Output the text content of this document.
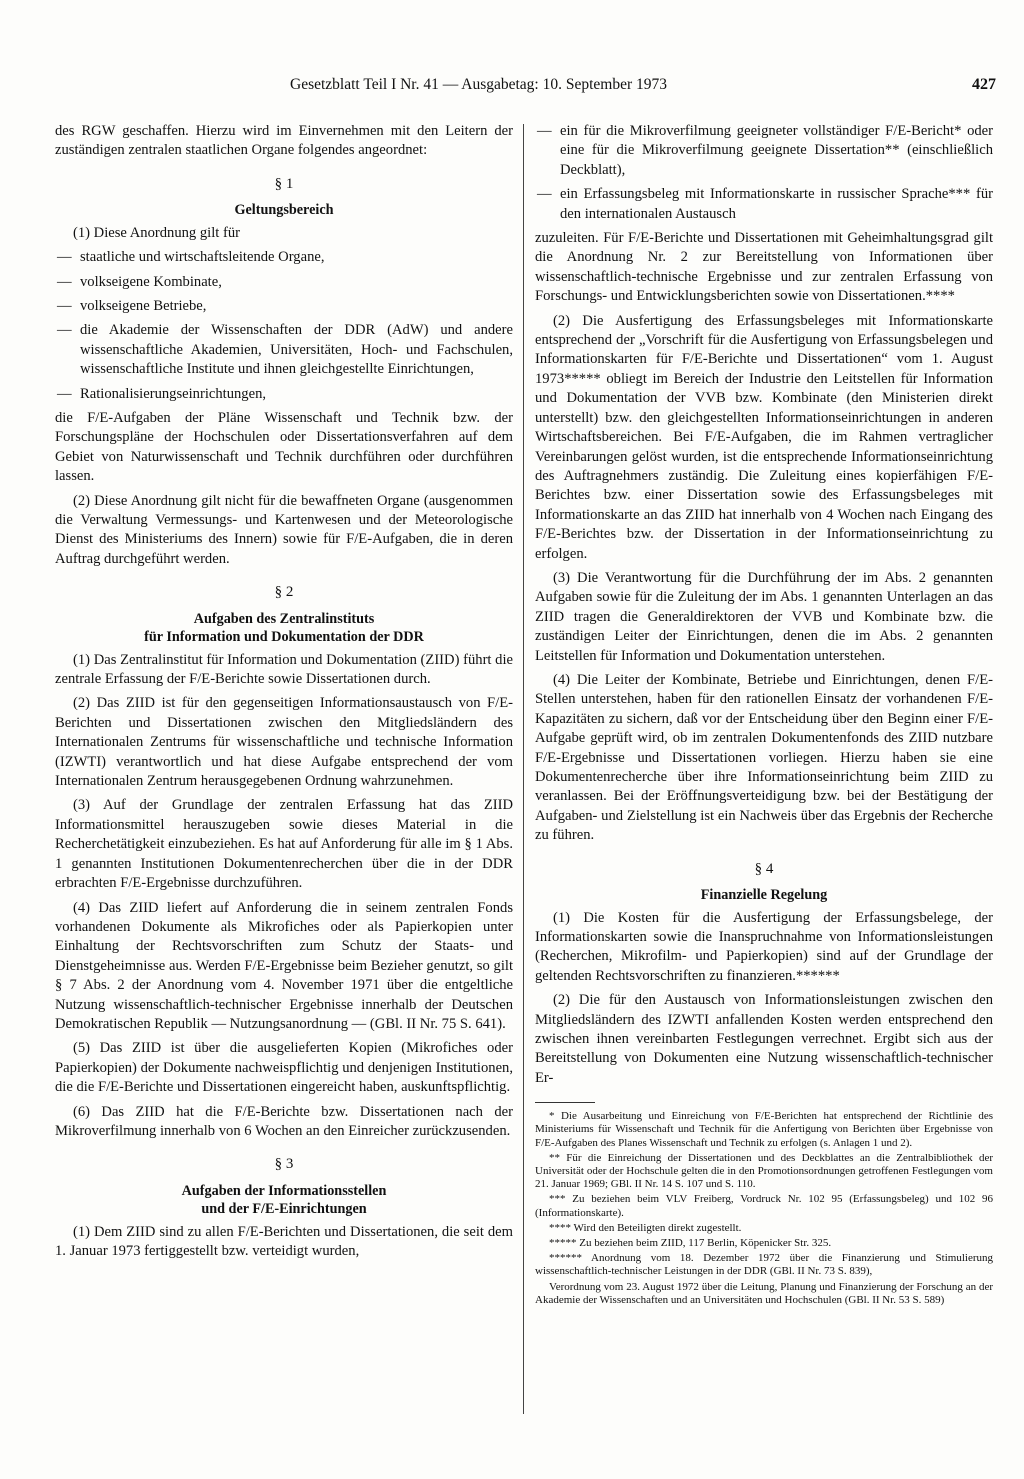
Gesetzblatt Teil I Nr. 41 — Ausgabetag: 10. September 1973	427

des RGW geschaffen. Hierzu wird im Einvernehmen mit den Leitern der zuständigen zentralen staatlichen Organe folgendes angeordnet:

§ 1
Geltungsbereich

(1) Diese Anordnung gilt für

— staatliche und wirtschaftsleitende Organe,
— volkseigene Kombinate,
— volkseigene Betriebe,
— die Akademie der Wissenschaften der DDR (AdW) und andere wissenschaftliche Akademien, Universitäten, Hoch- und Fachschulen, wissenschaftliche Institute und ihnen gleichgestellte Einrichtungen,
— Rationalisierungseinrichtungen,

die F/E-Aufgaben der Pläne Wissenschaft und Technik bzw. der Forschungspläne der Hochschulen oder Dissertationsverfahren auf dem Gebiet von Naturwissenschaft und Technik durchführen oder durchführen lassen.

(2) Diese Anordnung gilt nicht für die bewaffneten Organe (ausgenommen die Verwaltung Vermessungs- und Kartenwesen und der Meteorologische Dienst des Ministeriums des Innern) sowie für F/E-Aufgaben, die in deren Auftrag durchgeführt werden.

§ 2
Aufgaben des Zentralinstituts
für Information und Dokumentation der DDR

(1) Das Zentralinstitut für Information und Dokumentation (ZIID) führt die zentrale Erfassung der F/E-Berichte sowie Dissertationen durch.

(2) Das ZIID ist für den gegenseitigen Informationsaustausch von F/E-Berichten und Dissertationen zwischen den Mitgliedsländern des Internationalen Zentrums für wissenschaftliche und technische Information (IZWTI) verantwortlich und hat diese Aufgabe entsprechend der vom Internationalen Zentrum herausgegebenen Ordnung wahrzunehmen.

(3) Auf der Grundlage der zentralen Erfassung hat das ZIID Informationsmittel herauszugeben sowie dieses Material in die Recherchetätigkeit einzubeziehen. Es hat auf Anforderung für alle im § 1 Abs. 1 genannten Institutionen Dokumentenrecherchen über die in der DDR erbrachten F/E-Ergebnisse durchzuführen.

(4) Das ZIID liefert auf Anforderung die in seinem zentralen Fonds vorhandenen Dokumente als Mikrofiches oder als Papierkopien unter Einhaltung der Rechtsvorschriften zum Schutz der Staats- und Dienstgeheimnisse aus. Werden F/E-Ergebnisse beim Bezieher genutzt, so gilt § 7 Abs. 2 der Anordnung vom 4. November 1971 über die entgeltliche Nutzung wissenschaftlich-technischer Ergebnisse innerhalb der Deutschen Demokratischen Republik — Nutzungsanordnung — (GBl. II Nr. 75 S. 641).

(5) Das ZIID ist über die ausgelieferten Kopien (Mikrofiches oder Papierkopien) der Dokumente nachweispflichtig und denjenigen Institutionen, die die F/E-Berichte und Dissertationen eingereicht haben, auskunftspflichtig.

(6) Das ZIID hat die F/E-Berichte bzw. Dissertationen nach der Mikroverfilmung innerhalb von 6 Wochen an den Einreicher zurückzusenden.

§ 3
Aufgaben der Informationsstellen
und der F/E-Einrichtungen

(1) Dem ZIID sind zu allen F/E-Berichten und Dissertationen, die seit dem 1. Januar 1973 fertiggestellt bzw. verteidigt wurden,

— ein für die Mikroverfilmung geeigneter vollständiger F/E-Bericht* oder eine für die Mikroverfilmung geeignete Dissertation** (einschließlich Deckblatt),
— ein Erfassungsbeleg mit Informationskarte in russischer Sprache*** für den internationalen Austausch

zuzuleiten. Für F/E-Berichte und Dissertationen mit Geheimhaltungsgrad gilt die Anordnung Nr. 2 zur Bereitstellung von Informationen über wissenschaftlich-technische Ergebnisse und zur zentralen Erfassung von Forschungs- und Entwicklungsberichten sowie von Dissertationen.****

(2) Die Ausfertigung des Erfassungsbeleges mit Informationskarte entsprechend der „Vorschrift für die Ausfertigung von Erfassungsbelegen und Informationskarten für F/E-Berichte und Dissertationen“ vom 1. August 1973***** obliegt im Bereich der Industrie den Leitstellen für Information und Dokumentation der VVB bzw. Kombinate (den Ministerien direkt unterstellt) bzw. den gleichgestellten Informationseinrichtungen in anderen Wirtschaftsbereichen. Bei F/E-Aufgaben, die im Rahmen vertraglicher Vereinbarungen gelöst wurden, ist die entsprechende Informationseinrichtung des Auftragnehmers zuständig. Die Zuleitung eines kopierfähigen F/E-Berichtes bzw. einer Dissertation sowie des Erfassungsbeleges mit Informationskarte an das ZIID hat innerhalb von 4 Wochen nach Eingang des F/E-Berichtes bzw. der Dissertation in der Informationseinrichtung zu erfolgen.

(3) Die Verantwortung für die Durchführung der im Abs. 2 genannten Aufgaben sowie für die Zuleitung der im Abs. 1 genannten Unterlagen an das ZIID tragen die Generaldirektoren der VVB und Kombinate bzw. die zuständigen Leiter der Einrichtungen, denen die im Abs. 2 genannten Leitstellen für Information und Dokumentation unterstehen.

(4) Die Leiter der Kombinate, Betriebe und Einrichtungen, denen F/E-Stellen unterstehen, haben für den rationellen Einsatz der vorhandenen F/E-Kapazitäten zu sichern, daß vor der Entscheidung über den Beginn einer F/E-Aufgabe geprüft wird, ob im zentralen Dokumentenfonds des ZIID nutzbare F/E-Ergebnisse und Dissertationen vorliegen. Hierzu haben sie eine Dokumentenrecherche über ihre Informationseinrichtung beim ZIID zu veranlassen. Bei der Eröffnungsverteidigung bzw. bei der Bestätigung der Aufgaben- und Zielstellung ist ein Nachweis über das Ergebnis der Recherche zu führen.

§ 4
Finanzielle Regelung

(1) Die Kosten für die Ausfertigung der Erfassungsbelege, der Informationskarten sowie die Inanspruchnahme von Informationsleistungen (Recherchen, Mikrofilm- und Papierkopien) sind auf der Grundlage der geltenden Rechtsvorschriften zu finanzieren.******

(2) Die für den Austausch von Informationsleistungen zwischen den Mitgliedsländern des IZWTI anfallenden Kosten werden entsprechend den zwischen ihnen vereinbarten Festlegungen verrechnet. Ergibt sich aus der Bereitstellung von Dokumenten eine Nutzung wissenschaftlich-technischer Er-

* Die Ausarbeitung und Einreichung von F/E-Berichten hat entsprechend der Richtlinie des Ministeriums für Wissenschaft und Technik für die Anfertigung von Berichten über Ergebnisse von F/E-Aufgaben des Planes Wissenschaft und Technik zu erfolgen (s. Anlagen 1 und 2).

** Für die Einreichung der Dissertationen und des Deckblattes an die Zentralbibliothek der Universität oder der Hochschule gelten die in den Promotionsordnungen getroffenen Festlegungen vom 21. Januar 1969; GBl. II Nr. 14 S. 107 und S. 110.

*** Zu beziehen beim VLV Freiberg, Vordruck Nr. 102 95 (Erfassungsbeleg) und 102 96 (Informationskarte).

**** Wird den Beteiligten direkt zugestellt.

***** Zu beziehen beim ZIID, 117 Berlin, Köpenicker Str. 325.

****** Anordnung vom 18. Dezember 1972 über die Finanzierung und Stimulierung wissenschaftlich-technischer Leistungen in der DDR (GBl. II Nr. 73 S. 839),

Verordnung vom 23. August 1972 über die Leitung, Planung und Finanzierung der Forschung an der Akademie der Wissenschaften und an Universitäten und Hochschulen (GBl. II Nr. 53 S. 589)
